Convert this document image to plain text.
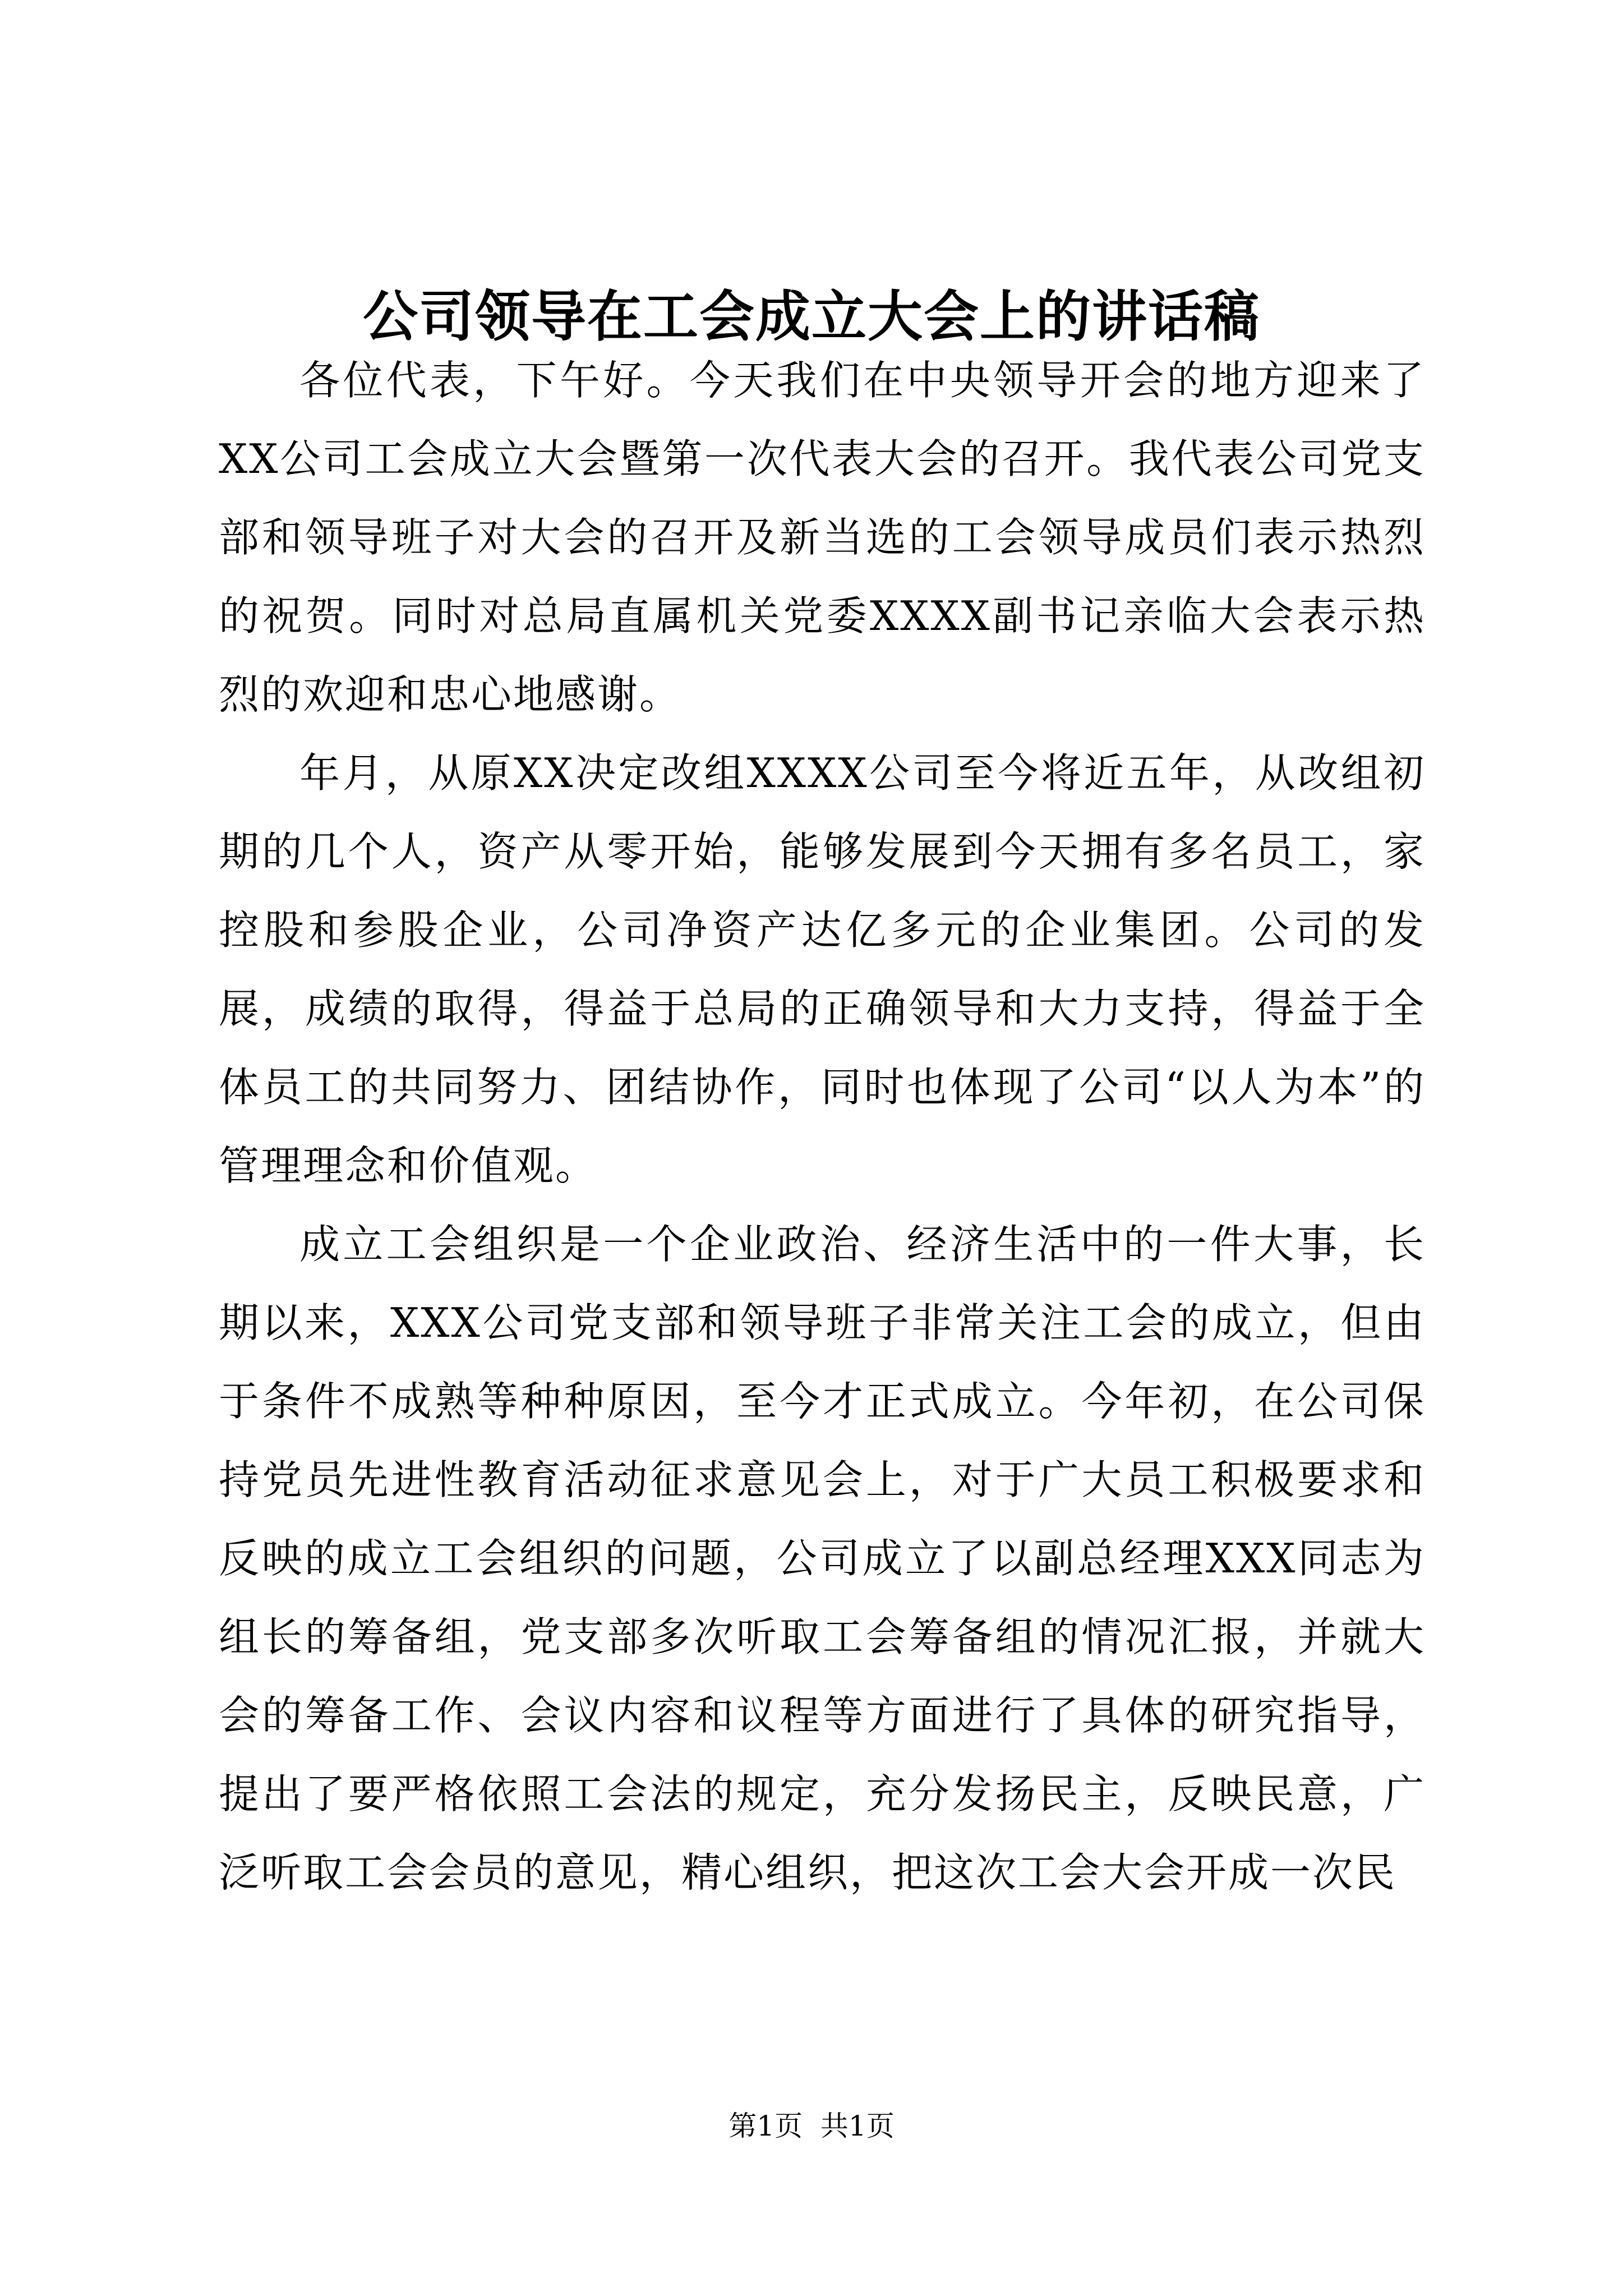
公司领导在工会成立大会上的讲话稿

各位代表，下午好。今天我们在中央领导开会的地方迎来了XX公司工会成立大会暨第一次代表大会的召开。我代表公司党支部和领导班子对大会的召开及新当选的工会领导成员们表示热烈的祝贺。同时对总局直属机关党委XXXX副书记亲临大会表示热烈的欢迎和忠心地感谢。

年月，从原XX决定改组XXXX公司至今将近五年，从改组初期的几个人，资产从零开始，能够发展到今天拥有多名员工，家控股和参股企业，公司净资产达亿多元的企业集团。公司的发展，成绩的取得，得益于总局的正确领导和大力支持，得益于全体员工的共同努力、团结协作，同时也体现了公司“以人为本”的管理理念和价值观。

成立工会组织是一个企业政治、经济生活中的一件大事，长期以来，XXX公司党支部和领导班子非常关注工会的成立，但由于条件不成熟等种种原因，至今才正式成立。今年初，在公司保持党员先进性教育活动征求意见会上，对于广大员工积极要求和反映的成立工会组织的问题，公司成立了以副总经理XXX同志为组长的筹备组，党支部多次听取工会筹备组的情况汇报，并就大会的筹备工作、会议内容和议程等方面进行了具体的研究指导，提出了要严格依照工会法的规定，充分发扬民主，反映民意，广泛听取工会会员的意见，精心组织，把这次工会大会开成一次民

第1页  共1页
